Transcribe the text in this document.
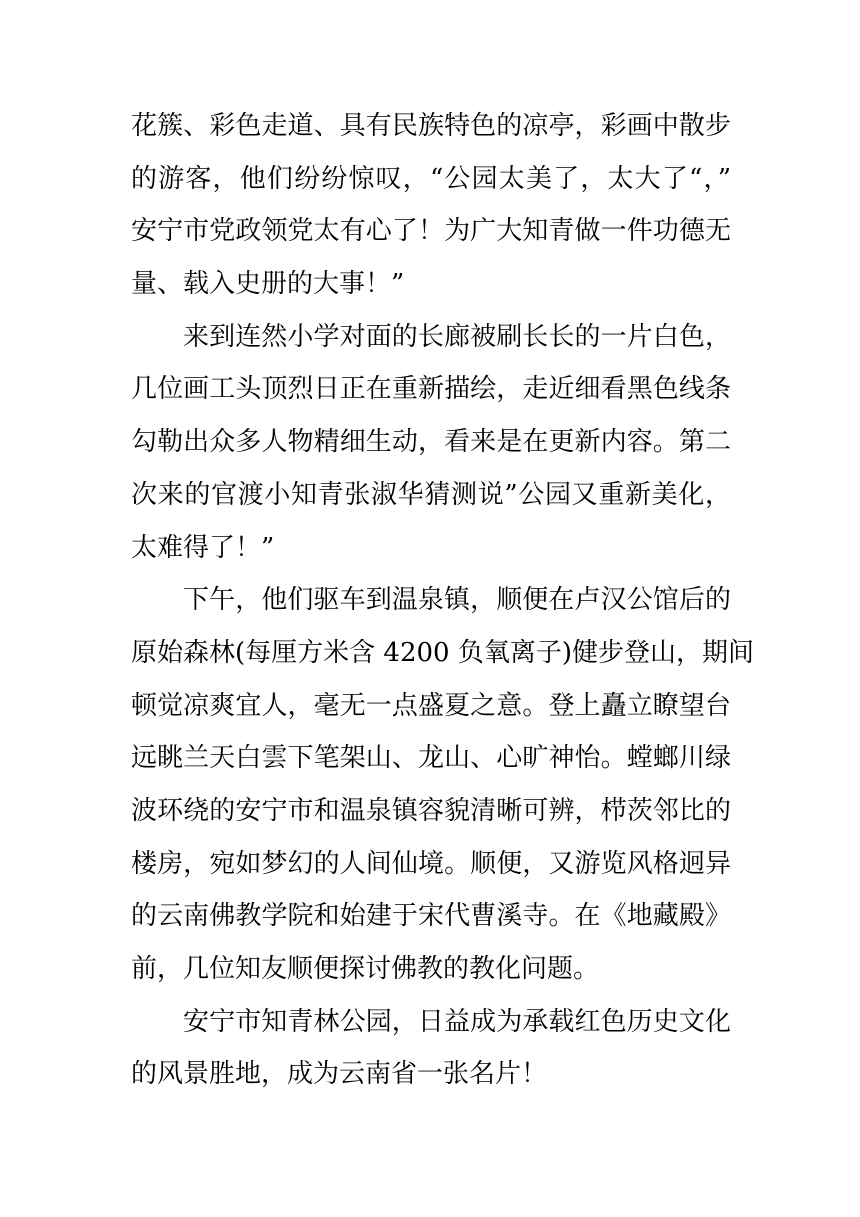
花簇、彩色走道、具有民族特色的凉亭，彩画中散步
的游客，他们纷纷惊叹，“公园太美了，太大了“，”
安宁市党政领党太有心了！为广大知青做一件功德无
量、载入史册的大事！”
来到连然小学对面的长廊被刷长长的一片白色，
几位画工头顶烈日正在重新描绘，走近细看黑色线条
勾勒出众多人物精细生动，看来是在更新内容。第二
次来的官渡小知青张淑华猜测说”公园又重新美化，
太难得了！”
下午，他们驱车到温泉镇，顺便在卢汉公馆后的
原始森林(每厘方米含 4200 负氧离子)健步登山，期间
顿觉凉爽宜人，毫无一点盛夏之意。登上矗立瞭望台
远眺兰天白雲下笔架山、龙山、心旷神怡。螳螂川绿
波环绕的安宁市和温泉镇容貌清晰可辨，栉茨邻比的
楼房，宛如梦幻的人间仙境。顺便，又游览风格迥异
的云南佛教学院和始建于宋代曹溪寺。在《地藏殿》
前，几位知友顺便探讨佛教的教化问题。
安宁市知青林公园，日益成为承载红色历史文化
的风景胜地，成为云南省一张名片！
